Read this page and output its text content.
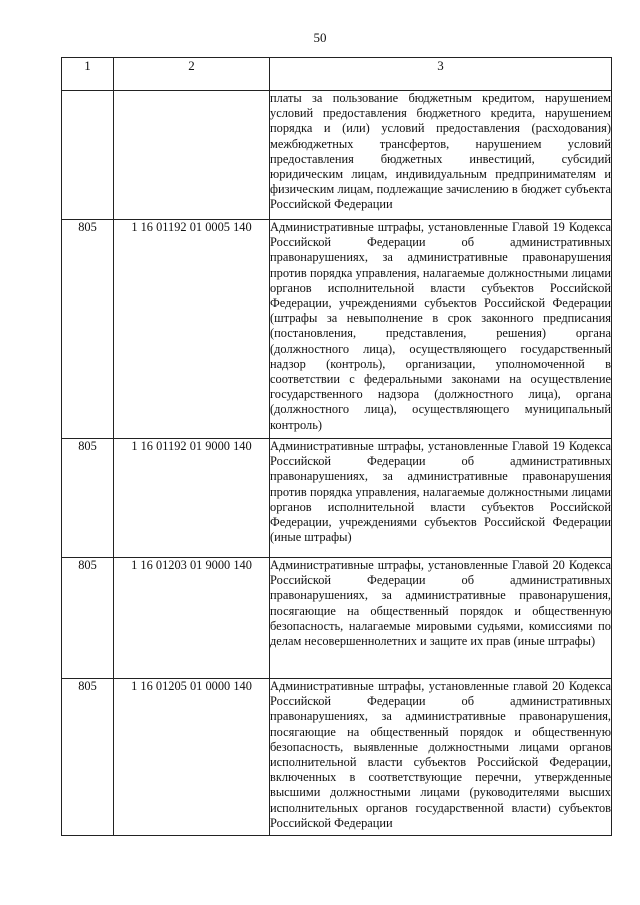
50
1	2	3
		платы за пользование бюджетным кредитом, нарушением условий предоставления бюджетного кредита, нарушением порядка и (или) условий предоставления (расходования) межбюджетных трансфертов, нарушением условий предоставления бюджетных инвестиций, субсидий юридическим лицам, индивидуальным предпринимателям и физическим лицам, подлежащие зачислению в бюджет субъекта Российской Федерации
805	1 16 01192 01 0005 140	Административные штрафы, установленные Главой 19 Кодекса Российской Федерации об административных правонарушениях, за административные правонарушения против порядка управления, налагаемые должностными лицами органов исполнительной власти субъектов Российской Федерации, учреждениями субъектов Российской Федерации (штрафы за невыполнение в срок законного предписания (постановления, представления, решения) органа (должностного лица), осуществляющего государственный надзор (контроль), организации, уполномоченной в соответствии с федеральными законами на осуществление государственного надзора (должностного лица), органа (должностного лица), осуществляющего муниципальный контроль)
805	1 16 01192 01 9000 140	Административные штрафы, установленные Главой 19 Кодекса Российской Федерации об административных правонарушениях, за административные правонарушения против порядка управления, налагаемые должностными лицами органов исполнительной власти субъектов Российской Федерации, учреждениями субъектов Российской Федерации (иные штрафы)
805	1 16 01203 01 9000 140	Административные штрафы, установленные Главой 20 Кодекса Российской Федерации об административных правонарушениях, за административные правонарушения, посягающие на общественный порядок и общественную безопасность, налагаемые мировыми судьями, комиссиями по делам несовершеннолетних и защите их прав (иные штрафы)
805	1 16 01205 01 0000 140	Административные штрафы, установленные главой 20 Кодекса Российской Федерации об административных правонарушениях, за административные правонарушения, посягающие на общественный порядок и общественную безопасность, выявленные должностными лицами органов исполнительной власти субъектов Российской Федерации, включенных в соответствующие перечни, утвержденные высшими должностными лицами (руководителями высших исполнительных органов государственной власти) субъектов Российской Федерации
